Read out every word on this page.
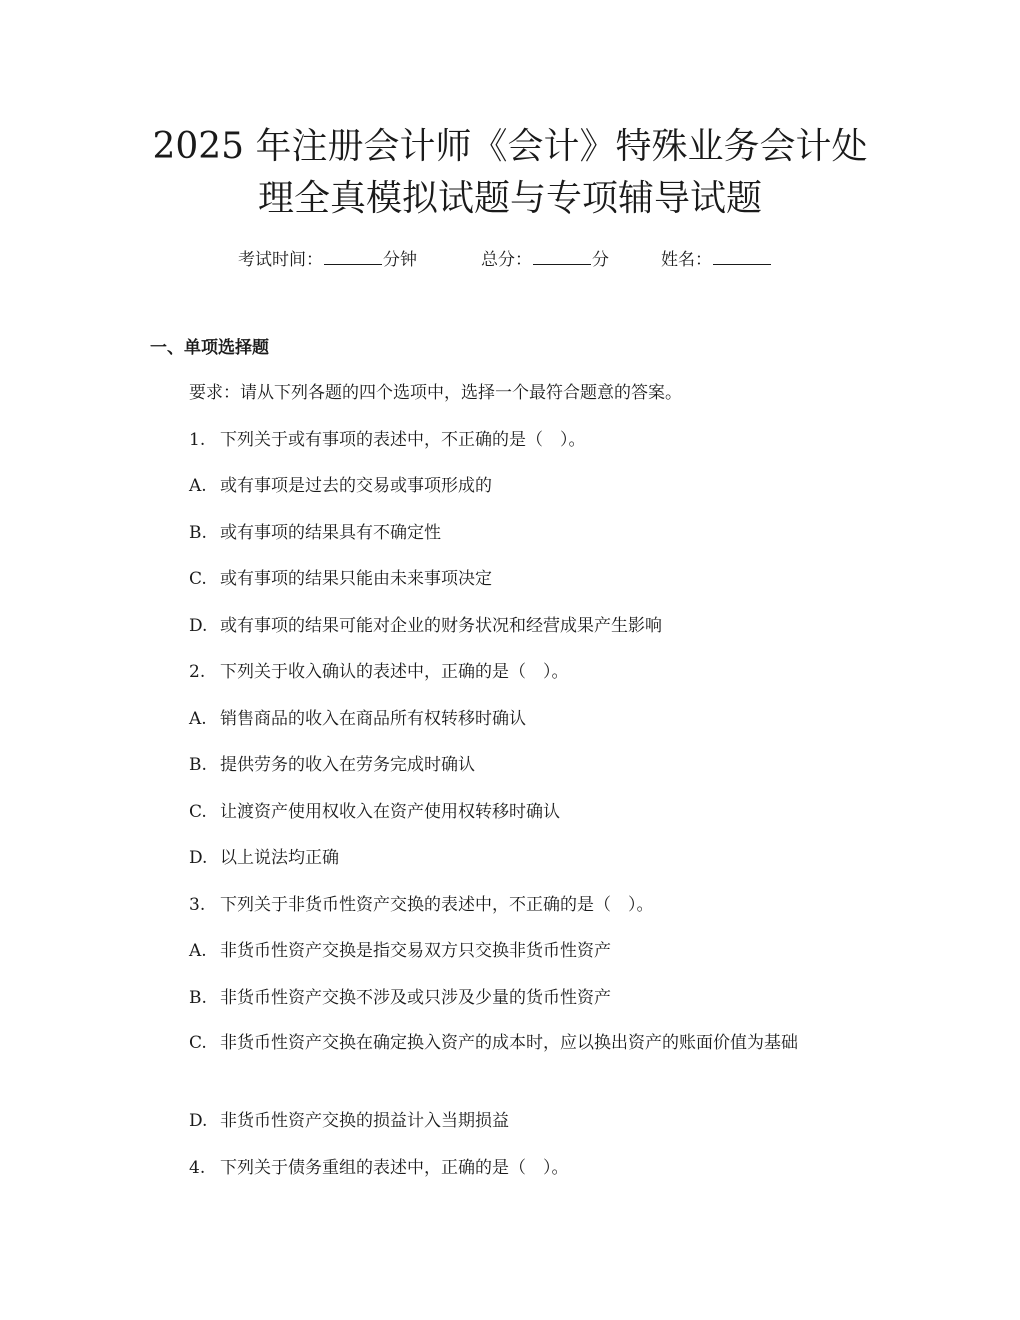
2025 年注册会计师《会计》特殊业务会计处
理全真模拟试题与专项辅导试题
考试时间：	分钟	总分：	分	姓名：
一、单项选择题
要求：请从下列各题的四个选项中，选择一个最符合题意的答案。
1. 下列关于或有事项的表述中，不正确的是（　）。
A. 或有事项是过去的交易或事项形成的
B. 或有事项的结果具有不确定性
C. 或有事项的结果只能由未来事项决定
D. 或有事项的结果可能对企业的财务状况和经营成果产生影响
2. 下列关于收入确认的表述中，正确的是（　）。
A. 销售商品的收入在商品所有权转移时确认
B. 提供劳务的收入在劳务完成时确认
C. 让渡资产使用权收入在资产使用权转移时确认
D. 以上说法均正确
3. 下列关于非货币性资产交换的表述中，不正确的是（　）。
A. 非货币性资产交换是指交易双方只交换非货币性资产
B. 非货币性资产交换不涉及或只涉及少量的货币性资产
C. 非货币性资产交换在确定换入资产的成本时，应以换出资产的账面价值为基础
D. 非货币性资产交换的损益计入当期损益
4. 下列关于债务重组的表述中，正确的是（　）。
